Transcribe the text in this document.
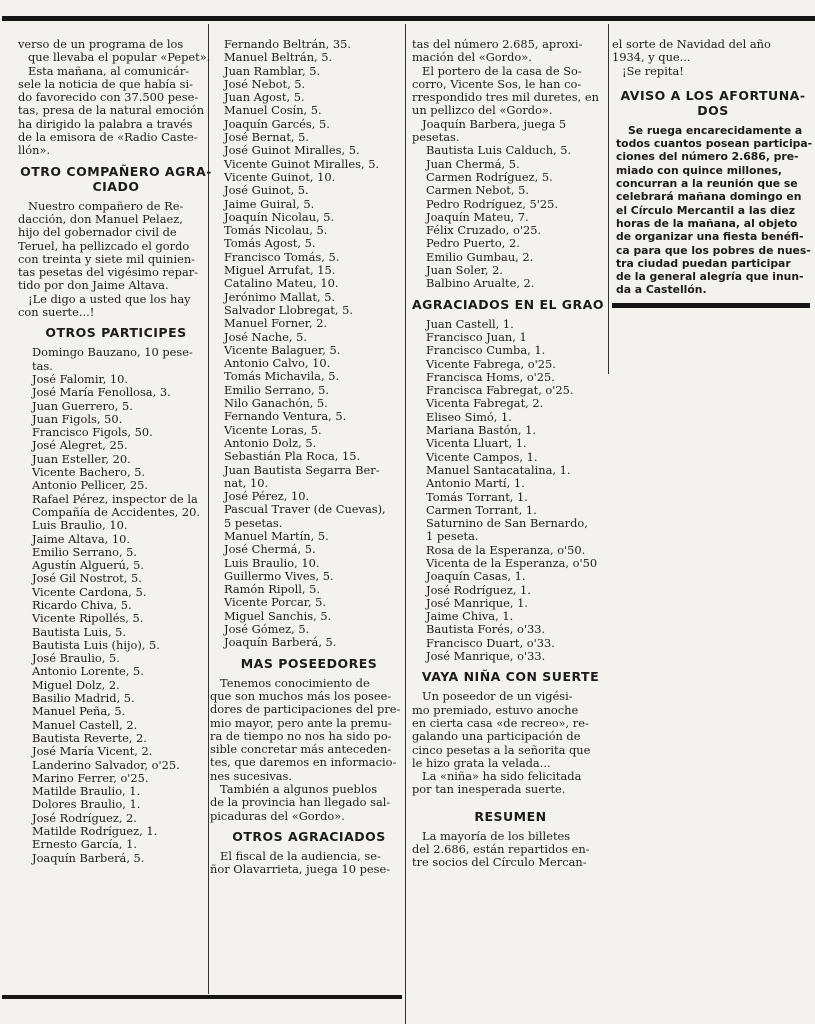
verso de un programa de los
que llevaba el popular «Pepet».
Esta mañana, al comunicár-
sele la noticia de que había si-
do favorecido con 37.500 pese-
tas, presa de la natural emoción
ha dirigido la palabra a través
de la emisora de «Radio Caste-
llón».
OTRO COMPAÑERO AGRA-
CIADO
Nuestro compañero de Re-
dacción, don Manuel Pelaez,
hijo del gobernador civil de
Teruel, ha pellizcado el gordo
con treinta y siete mil quinien-
tas pesetas del vigésimo repar-
tido por don Jaime Altava.
¡Le digo a usted que los hay
con suerte...!
OTROS PARTICIPES
Domingo Bauzano, 10 pese-
tas.
José Falomir, 10.
José María Fenollosa, 3.
Juan Guerrero, 5.
Juan Figols, 50.
Francisco Figols, 50.
José Alegret, 25.
Juan Esteller, 20.
Vicente Bachero, 5.
Antonio Pellicer, 25.
Rafael Pérez, inspector de la
Compañía de Accidentes, 20.
Luis Braulio, 10.
Jaime Altava, 10.
Emilio Serrano, 5.
Agustín Alguerú, 5.
José Gil Nostrot, 5.
Vicente Cardona, 5.
Ricardo Chiva, 5.
Vicente Ripollés, 5.
Bautista Luis, 5.
Bautista Luis (hijo), 5.
José Braulio, 5.
Antonio Lorente, 5.
Miguel Dolz, 2.
Basilio Madrid, 5.
Manuel Peña, 5.
Manuel Castell, 2.
Bautista Reverte, 2.
José María Vicent, 2.
Landerino Salvador, o'25.
Marino Ferrer, o'25.
Matilde Braulio, 1.
Dolores Braulio, 1.
José Rodríguez, 2.
Matilde Rodríguez, 1.
Ernesto García, 1.
Joaquín Barberá, 5.
Fernando Beltrán, 35.
Manuel Beltrán, 5.
Juan Ramblar, 5.
José Nebot, 5.
Juan Agost, 5.
Manuel Cosín, 5.
Joaquín Garcés, 5.
José Bernat, 5.
José Guinot Miralles, 5.
Vicente Guinot Miralles, 5.
Vicente Guinot, 10.
José Guinot, 5.
Jaime Guiral, 5.
Joaquín Nicolau, 5.
Tomás Nicolau, 5.
Tomás Agost, 5.
Francisco Tomás, 5.
Miguel Arrufat, 15.
Catalino Mateu, 10.
Jerónimo Mallat, 5.
Salvador Llobregat, 5.
Manuel Forner, 2.
José Nache, 5.
Vicente Balaguer, 5.
Antonio Calvo, 10.
Tomás Michavila, 5.
Emilio Serrano, 5.
Nilo Ganachón, 5.
Fernando Ventura, 5.
Vicente Loras, 5.
Antonio Dolz, 5.
Sebastián Pla Roca, 15.
Juan Bautista Segarra Ber-
nat, 10.
José Pérez, 10.
Pascual Traver (de Cuevas),
5 pesetas.
Manuel Martín, 5.
José Chermá, 5.
Luis Braulio, 10.
Guillermo Vives, 5.
Ramón Ripoll, 5.
Vicente Porcar, 5.
Miguel Sanchis, 5.
José Gómez, 5.
Joaquín Barberá, 5.
MAS POSEEDORES
Tenemos conocimiento de
que son muchos más los posee-
dores de participaciones del pre-
mio mayor, pero ante la premu-
ra de tiempo no nos ha sido po-
sible concretar más anteceden-
tes, que daremos en informacio-
nes sucesivas.
También a algunos pueblos
de la provincia han llegado sal-
picaduras del «Gordo».
OTROS AGRACIADOS
El fiscal de la audiencia, se-
ñor Olavarrieta, juega 10 pese-
tas del número 2.685, aproxi-
mación del «Gordo».
El portero de la casa de So-
corro, Vicente Sos, le han co-
rrespondido tres mil duretes, en
un pellizco del «Gordo».
Joaquín Barbera, juega 5
pesetas.
Bautista Luis Calduch, 5.
Juan Chermá, 5.
Carmen Rodríguez, 5.
Carmen Nebot, 5.
Pedro Rodríguez, 5'25.
Joaquín Mateu, 7.
Félix Cruzado, o'25.
Pedro Puerto, 2.
Emilio Gumbau, 2.
Juan Soler, 2.
Balbino Arualte, 2.
AGRACIADOS EN EL GRAO
Juan Castell, 1.
Francisco Juan, 1
Francisco Cumba, 1.
Vicente Fabrega, o'25.
Francisca Homs, o'25.
Francisca Fabregat, o'25.
Vicenta Fabregat, 2.
Eliseo Simó, 1.
Mariana Bastón, 1.
Vicenta Lluart, 1.
Vicente Campos, 1.
Manuel Santacatalina, 1.
Antonio Martí, 1.
Tomás Torrant, 1.
Carmen Torrant, 1.
Saturnino de San Bernardo,
1 peseta.
Rosa de la Esperanza, o'50.
Vicenta de la Esperanza, o'50
Joaquín Casas, 1.
José Rodríguez, 1.
José Manrique, 1.
Jaime Chiva, 1.
Bautista Forés, o'33.
Francisco Duart, o'33.
José Manrique, o'33.
VAYA NIÑA CON SUERTE
Un poseedor de un vigési-
mo premiado, estuvo anoche
en cierta casa «de recreo», re-
galando una participación de
cinco pesetas a la señorita que
le hizo grata la velada...
La «niña» ha sido felicitada
por tan inesperada suerte.
RESUMEN
La mayoría de los billetes
del 2.686, están repartidos en-
tre socios del Círculo Mercan-
el sorte de Navidad del año
1934, y que...
¡Se repita!
AVISO A LOS AFORTUNA-
DOS
Se ruega encarecidamente a
todos cuantos posean participa-
ciones del número 2.686, pre-
miado con quince millones,
concurran a la reunión que se
celebrará mañana domingo en
el Círculo Mercantil a las diez
horas de la mañana, al objeto
de organizar una fiesta benéfi-
ca para que los pobres de nues-
tra ciudad puedan participar
de la general alegría que inun-
da a Castellón.
